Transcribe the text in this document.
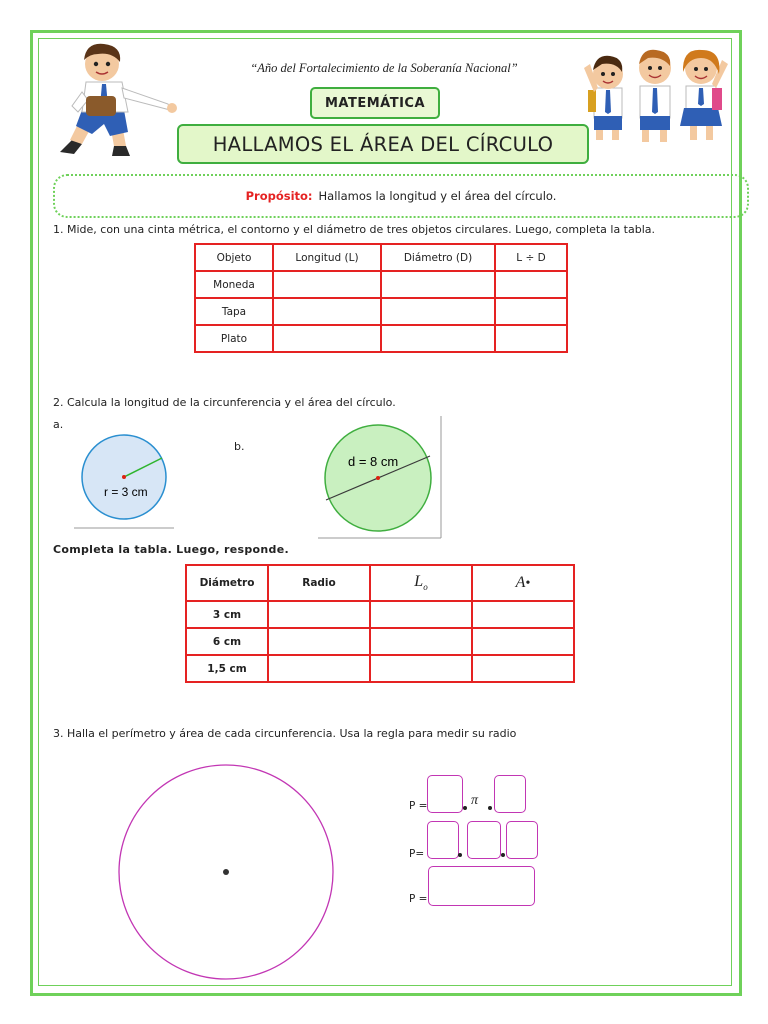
“Año del Fortalecimiento de la Soberanía Nacional”
MATEMÁTICA
HALLAMOS EL ÁREA DEL CÍRCULO
Propósito: Hallamos la longitud y el área del círculo.
1. Mide, con una cinta métrica, el contorno y el diámetro de tres objetos circulares. Luego, completa la tabla.
Objeto	Longitud (L)	Diámetro (D)	L ÷ D
Moneda			
Tapa			
Plato			
2. Calcula la longitud de la circunferencia y el área del círculo.
a.
b.
r = 3 cm
d = 8 cm
Completa la tabla. Luego, responde.
Diámetro	Radio	$L_o$	A•
3 cm			
6 cm			
1,5 cm			
3. Halla el perímetro y área de cada circunferencia. Usa la regla para medir su radio
P =	π
P=
P =
